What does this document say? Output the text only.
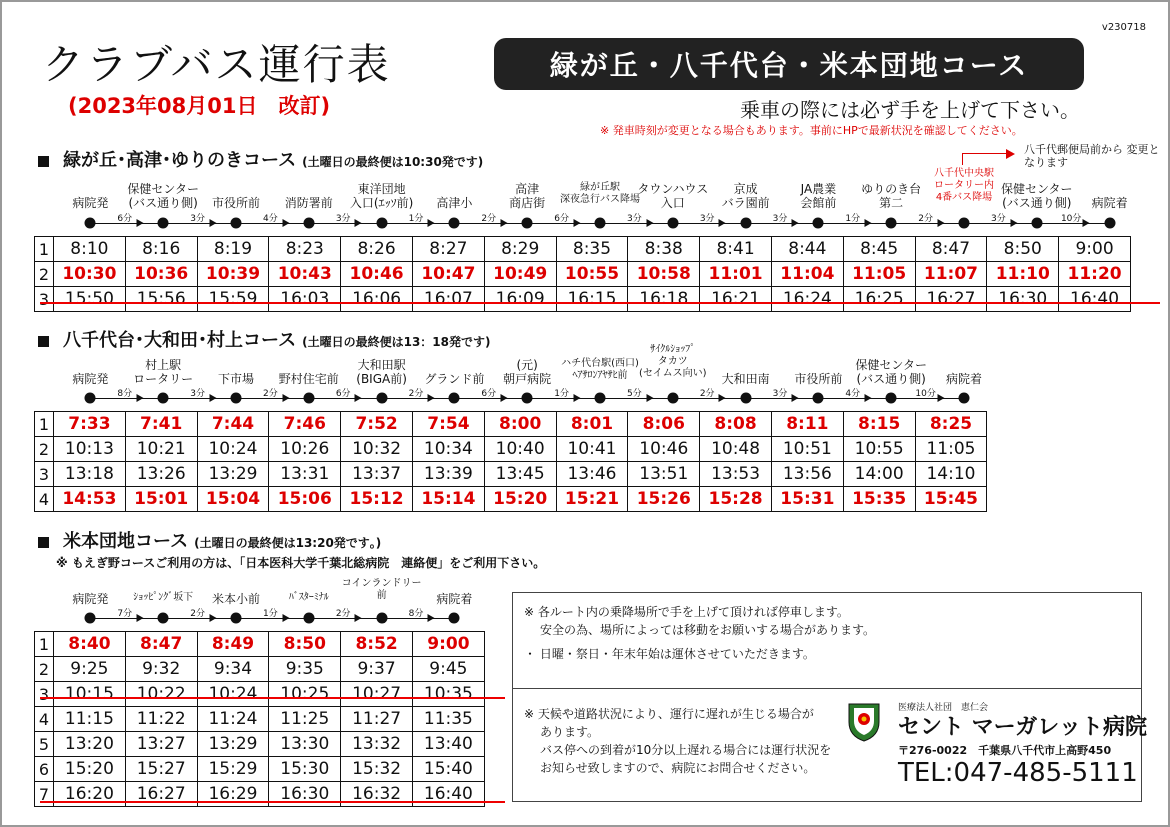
v230718
クラブバス運行表
(2023年08月01日　改訂)
緑が丘・八千代台・米本団地コース
乗車の際には必ず手を上げて下さい。
※ 発車時刻が変更となる場合もあります。事前にHPで最新状況を確認してください。
緑が丘･高津･ゆりのきコース (土曜日の最終便は10:30発です)
八千代郵便局前から 変更となります
病院発
6分
保健センター
(バス通り側)
3分
市役所前
4分
消防署前
3分
東洋団地
入口(ｴｯｿ前)
1分
高津小
2分
高津
商店街
6分
緑が丘駅
深夜急行バス降場
3分
タウンハウス
入口
3分
京成
バラ園前
3分
JA農業
会館前
1分
ゆりのき台
第二
2分
八千代中央駅
ロータリー内
4番バス降場
3分
保健センター
(バス通り側)
10分
病院着
1	8:10	8:16	8:19	8:23	8:26	8:27	8:29	8:35	8:38	8:41	8:44	8:45	8:47	8:50	9:00
2	10:30	10:36	10:39	10:43	10:46	10:47	10:49	10:55	10:58	11:01	11:04	11:05	11:07	11:10	11:20
3	15:50	15:56	15:59	16:03	16:06	16:07	16:09	16:15	16:18	16:21	16:24	16:25	16:27	16:30	16:40
八千代台･大和田･村上コース (土曜日の最終便は13：18発です)
病院発
8分
村上駅
ロータリー
3分
下市場
2分
野村住宅前
6分
大和田駅
(BIGA前)
2分
グランド前
6分
(元)
朝戸病院
1分
ハチ代台駅(西口)
ﾍｱｻﾛﾝｱﾔｻﾋ前
5分
ｻｲｸﾙｼｮｯﾌﾟ
タカツ
(セイムス向い)
2分
大和田南
3分
市役所前
4分
保健センター
(バス通り側)
10分
病院着
1	7:33	7:41	7:44	7:46	7:52	7:54	8:00	8:01	8:06	8:08	8:11	8:15	8:25
2	10:13	10:21	10:24	10:26	10:32	10:34	10:40	10:41	10:46	10:48	10:51	10:55	11:05
3	13:18	13:26	13:29	13:31	13:37	13:39	13:45	13:46	13:51	13:53	13:56	14:00	14:10
4	14:53	15:01	15:04	15:06	15:12	15:14	15:20	15:21	15:26	15:28	15:31	15:35	15:45
米本団地コース (土曜日の最終便は13:20発です｡)
※ もえぎ野コースご利用の方は、「日本医科大学千葉北総病院　連絡便」をご利用下さい。
病院発
7分
ｼｮｯﾋﾟﾝｸﾞ坂下
2分
米本小前
1分
ﾊﾞｽﾀｰﾐﾅﾙ
2分
コインランドリー
前
8分
病院着
1	8:40	8:47	8:49	8:50	8:52	9:00
2	9:25	9:32	9:34	9:35	9:37	9:45
3	10:15	10:22	10:24	10:25	10:27	10:35
4	11:15	11:22	11:24	11:25	11:27	11:35
5	13:20	13:27	13:29	13:30	13:32	13:40
6	15:20	15:27	15:29	15:30	15:32	15:40
7	16:20	16:27	16:29	16:30	16:32	16:40
※ 各ルート内の乗降場所で手を上げて頂ければ停車します。
安全の為、場所によっては移動をお願いする場合があります。
・ 日曜・祭日・年末年始は運休させていただきます。
※ 天候や道路状況により、運行に遅れが生じる場合が
あります。
バス停への到着が10分以上遅れる場合には運行状況を
お知らせ致しますので、病院にお問合せください。
医療法人社団　恵仁会
セント マーガレット病院
〒276-0022　千葉県八千代市上高野450
TEL:047-485-5111
